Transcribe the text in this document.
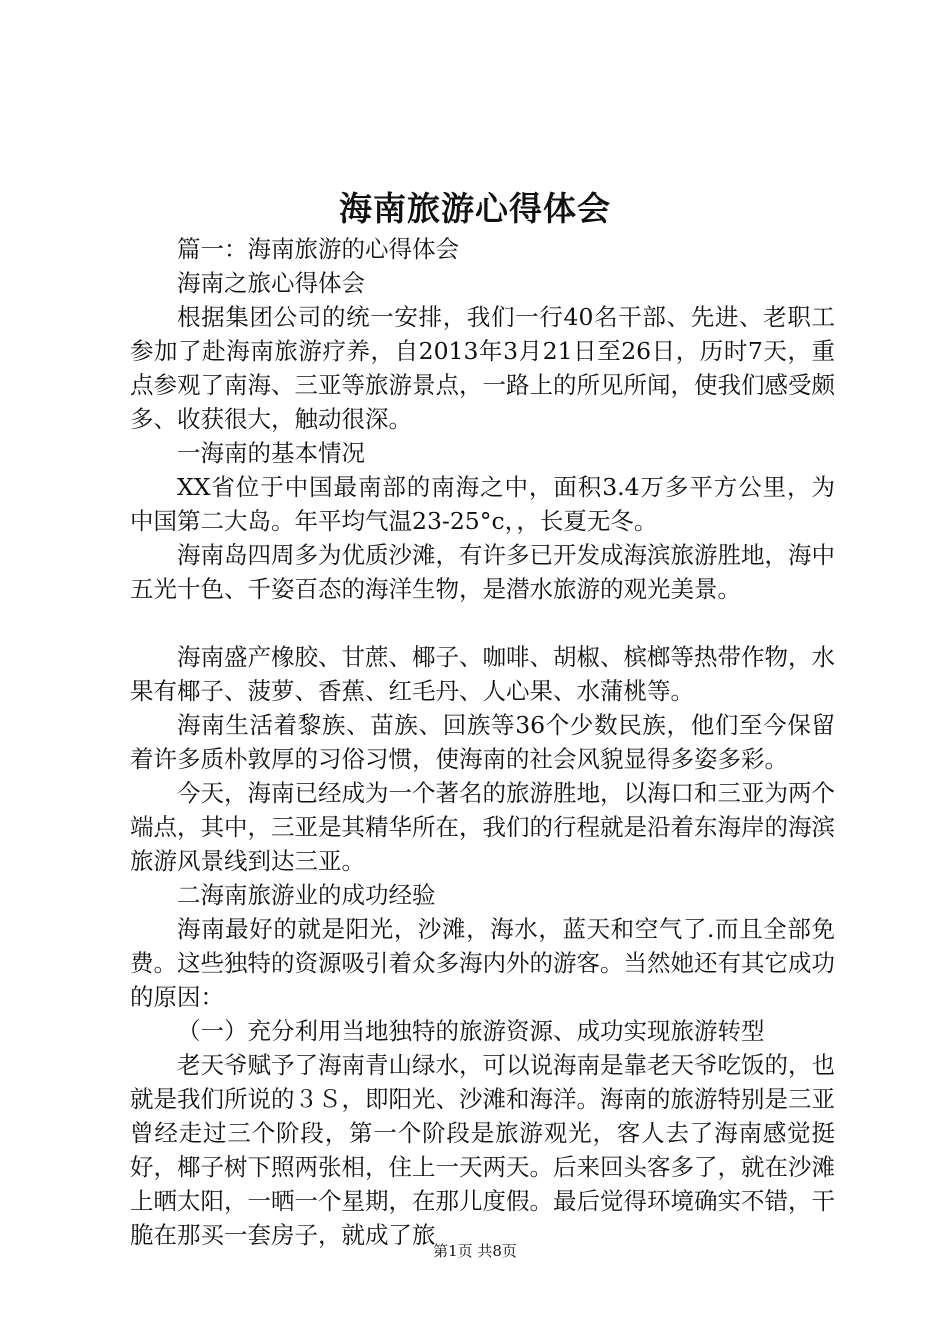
海南旅游心得体会

篇一：海南旅游的心得体会

海南之旅心得体会

根据集团公司的统一安排，我们一行40名干部、先进、老职工参加了赴海南旅游疗养，自2013年3月21日至26日，历时7天，重点参观了南海、三亚等旅游景点，一路上的所见所闻，使我们感受颇多、收获很大，触动很深。

一海南的基本情况

XX省位于中国最南部的南海之中，面积3.4万多平方公里，为中国第二大岛。年平均气温23-25°c，，长夏无冬。

海南岛四周多为优质沙滩，有许多已开发成海滨旅游胜地，海中五光十色、千姿百态的海洋生物，是潜水旅游的观光美景。

海南盛产橡胶、甘蔗、椰子、咖啡、胡椒、槟榔等热带作物，水果有椰子、菠萝、香蕉、红毛丹、人心果、水蒲桃等。

海南生活着黎族、苗族、回族等36个少数民族，他们至今保留着许多质朴敦厚的习俗习惯，使海南的社会风貌显得多姿多彩。

今天，海南已经成为一个著名的旅游胜地，以海口和三亚为两个端点，其中，三亚是其精华所在，我们的行程就是沿着东海岸的海滨旅游风景线到达三亚。

二海南旅游业的成功经验

海南最好的就是阳光，沙滩，海水，蓝天和空气了.而且全部免费。这些独特的资源吸引着众多海内外的游客。当然她还有其它成功的原因：

（一）充分利用当地独特的旅游资源、成功实现旅游转型

老天爷赋予了海南青山绿水，可以说海南是靠老天爷吃饭的，也就是我们所说的３Ｓ，即阳光、沙滩和海洋。海南的旅游特别是三亚曾经走过三个阶段，第一个阶段是旅游观光，客人去了海南感觉挺好，椰子树下照两张相，住上一天两天。后来回头客多了，就在沙滩上晒太阳，一晒一个星期，在那儿度假。最后觉得环境确实不错，干脆在那买一套房子，就成了旅

第1页 共8页
